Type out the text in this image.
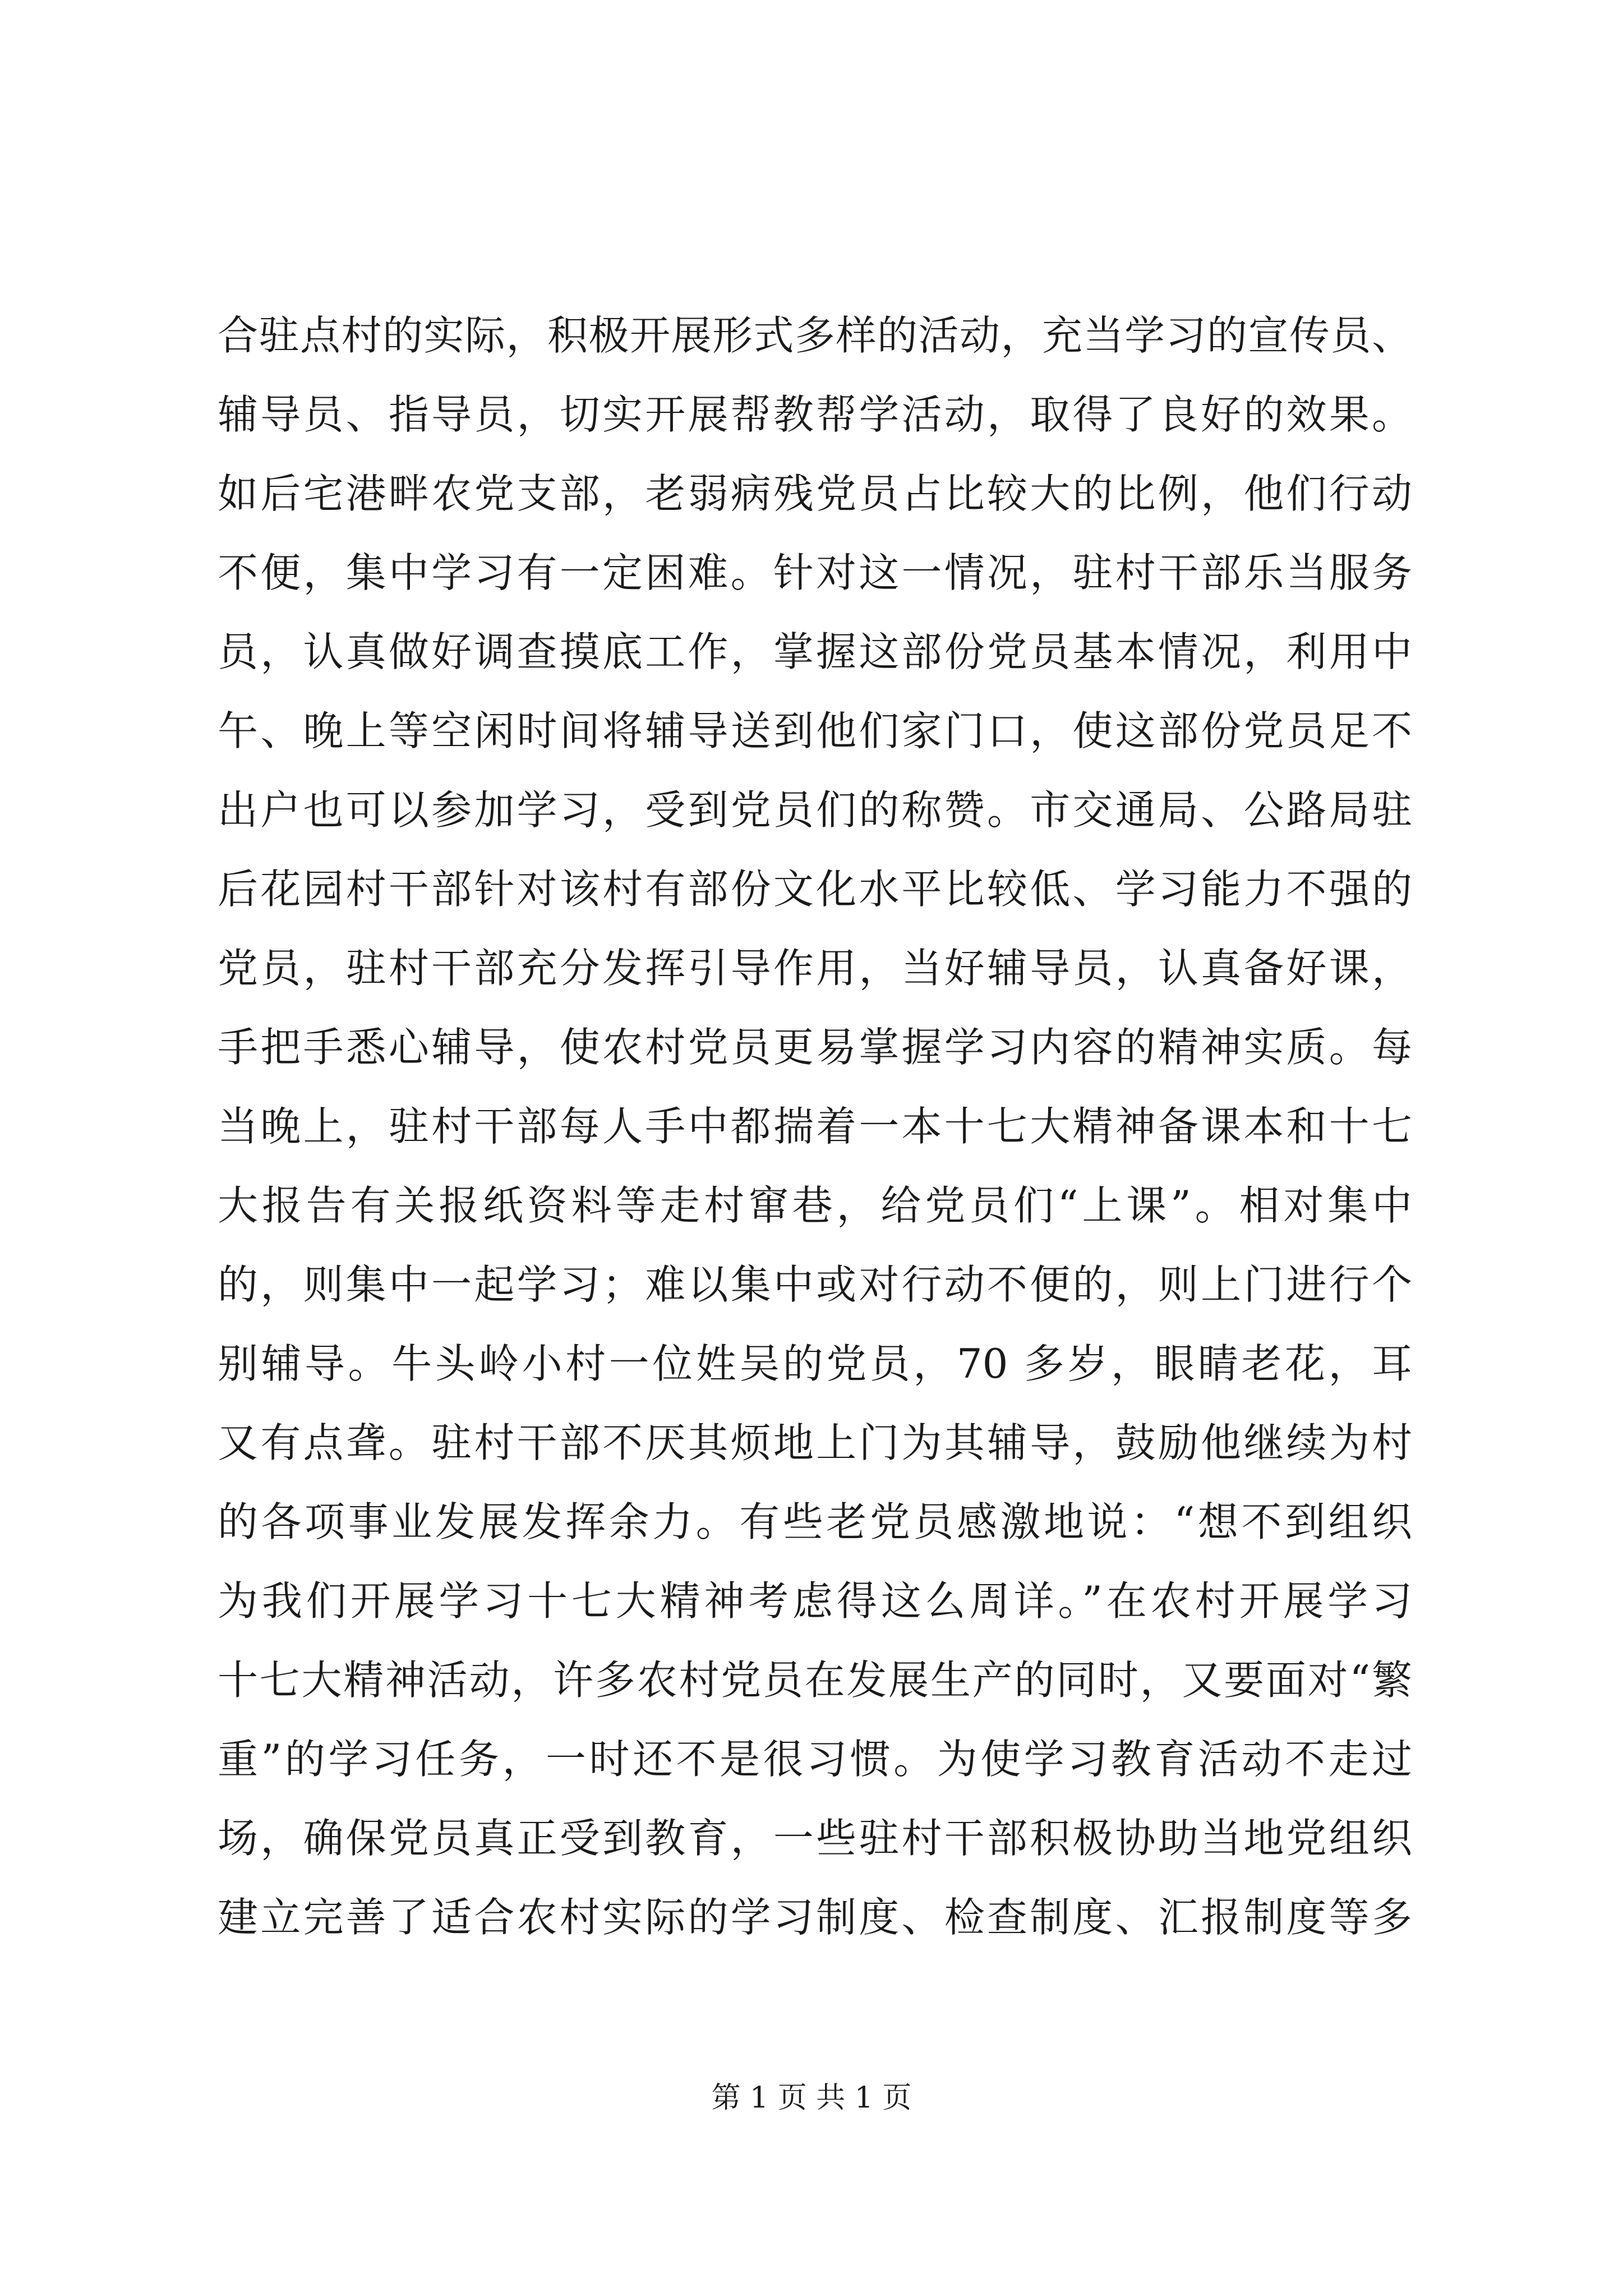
合驻点村的实际，积极开展形式多样的活动，充当学习的宣传员、
辅导员、指导员，切实开展帮教帮学活动，取得了良好的效果。
如后宅港畔农党支部，老弱病残党员占比较大的比例，他们行动
不便，集中学习有一定困难。针对这一情况，驻村干部乐当服务
员，认真做好调查摸底工作，掌握这部份党员基本情况，利用中
午、晚上等空闲时间将辅导送到他们家门口，使这部份党员足不
出户也可以参加学习，受到党员们的称赞。市交通局、公路局驻
后花园村干部针对该村有部份文化水平比较低、学习能力不强的
党员，驻村干部充分发挥引导作用，当好辅导员，认真备好课，
手把手悉心辅导，使农村党员更易掌握学习内容的精神实质。每
当晚上，驻村干部每人手中都揣着一本十七大精神备课本和十七
大报告有关报纸资料等走村窜巷，给党员们“上课”。相对集中
的，则集中一起学习；难以集中或对行动不便的，则上门进行个
别辅导。牛头岭小村一位姓吴的党员，70 多岁，眼睛老花，耳
又有点聋。驻村干部不厌其烦地上门为其辅导，鼓励他继续为村
的各项事业发展发挥余力。有些老党员感激地说：“想不到组织
为我们开展学习十七大精神考虑得这么周详。”在农村开展学习
十七大精神活动，许多农村党员在发展生产的同时，又要面对“繁
重”的学习任务，一时还不是很习惯。为使学习教育活动不走过
场，确保党员真正受到教育，一些驻村干部积极协助当地党组织
建立完善了适合农村实际的学习制度、检查制度、汇报制度等多
第 1 页 共 1 页
